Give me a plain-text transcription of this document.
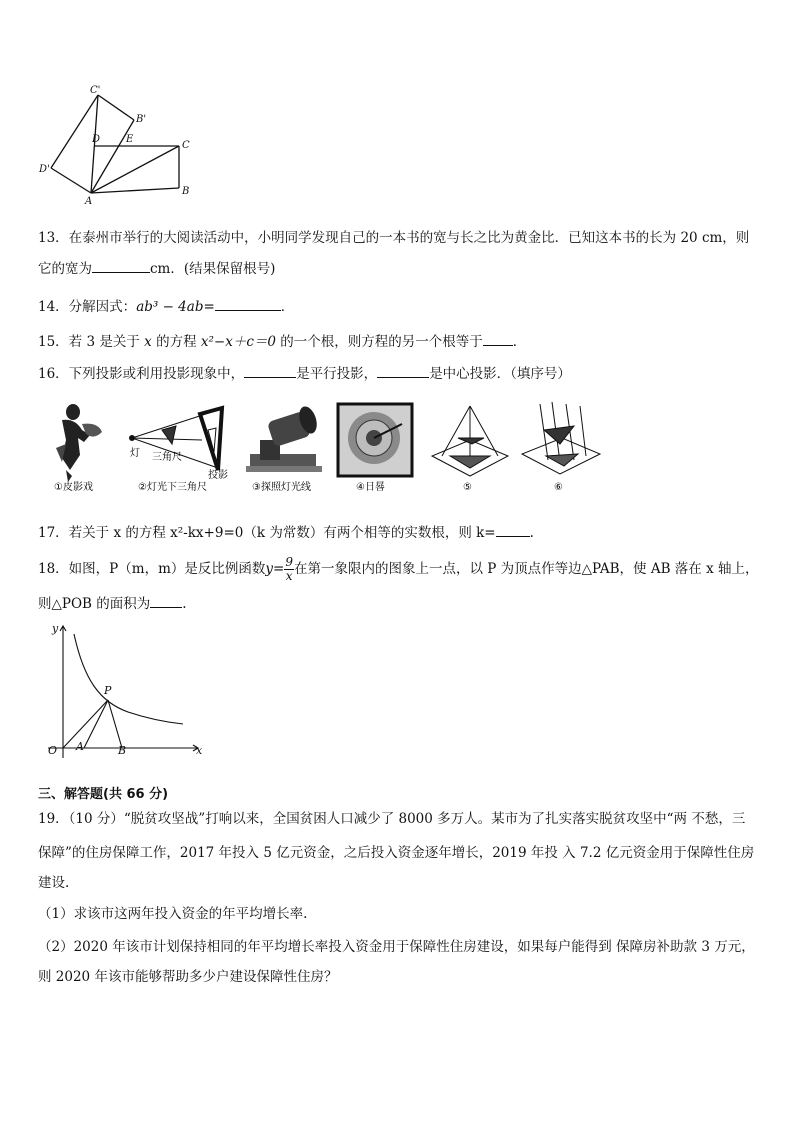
C'
B'
D	E
C
D'
A
B
13．在泰州市举行的大阅读活动中，小明同学发现自己的一本书的宽与长之比为黄金比．已知这本书的长为 20 cm，则
它的宽为	cm．(结果保留根号)
14．分解因式：ab³ − 4ab=	．
15．若 3 是关于 x 的方程 x²−x＋c＝0 的一个根，则方程的另一个根等于 ．
16．下列投影或利用投影现象中，	是平行投影，	是中心投影．（填序号）
①皮影戏
灯 三角尺
投影
②灯光下三角尺	③探照灯光线	④日晷	⑤	⑥
17．若关于 x 的方程 x²-kx+9=0（k 为常数）有两个相等的实数根，则 k=	.
18．如图，P（m，m）是反比例函数$y= \frac{9}{x}$ 在第一象限内的图象上一点，以 P 为顶点作等边△PAB，使 AB 落在 x 轴上，
则△POB 的面积为 .
y
P
O A	B	x
三、解答题(共 66 分)
19．（10 分）“脱贫攻坚战”打响以来，全国贫困人口减少了 8000 多万人。某市为了扎实落实脱贫攻坚中“两 不愁，三
保障”的住房保障工作，2017 年投入 5 亿元资金，之后投入资金逐年增长，2019 年投 入 7.2 亿元资金用于保障性住房
建设.
（1）求该市这两年投入资金的年平均增长率.
（2）2020 年该市计划保持相同的年平均增长率投入资金用于保障性住房建设，如果每户能得到 保障房补助款 3 万元，
则 2020 年该市能够帮助多少户建设保障性住房？
